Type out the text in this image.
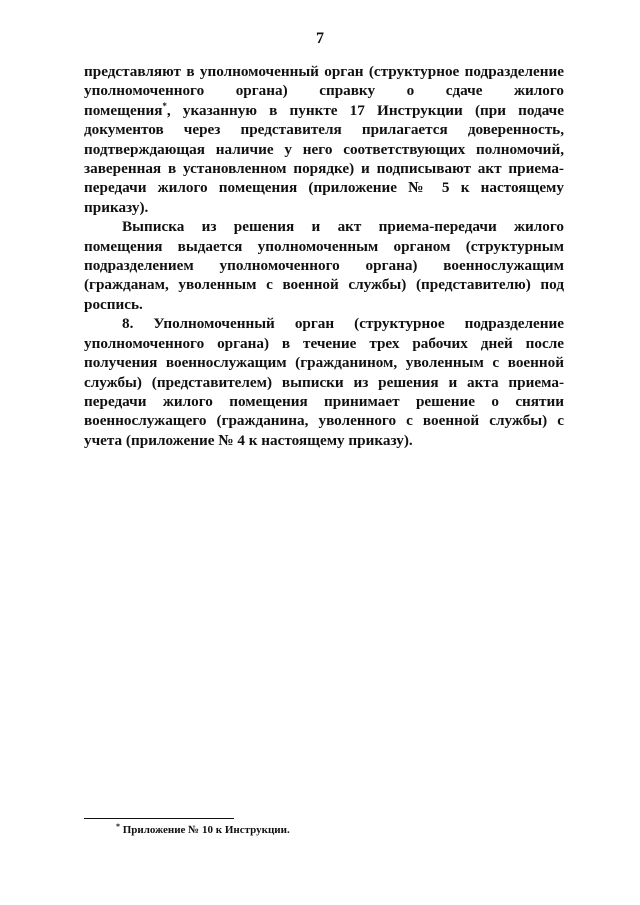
7
представляют в уполномоченный орган (структурное подразделение
уполномоченного органа) справку о сдаче жилого
помещения*, указанную в пункте 17 Инструкции (при подаче
документов через представителя прилагается доверенность,
подтверждающая наличие у него соответствующих полномочий,
заверенная в установленном порядке) и подписывают акт приема-
передачи жилого помещения (приложение № 5 к настоящему
приказу).
Выписка из решения и акт приема-передачи жилого
помещения выдается уполномоченным органом (структурным
подразделением уполномоченного органа) военнослужащим
(гражданам, уволенным с военной службы) (представителю) под
роспись.
8. Уполномоченный орган (структурное подразделение
уполномоченного органа) в течение трех рабочих дней после
получения военнослужащим (гражданином, уволенным с военной
службы) (представителем) выписки из решения и акта приема-
передачи жилого помещения принимает решение о снятии
военнослужащего (гражданина, уволенного с военной службы) с
учета (приложение № 4 к настоящему приказу).
* Приложение № 10 к Инструкции.
